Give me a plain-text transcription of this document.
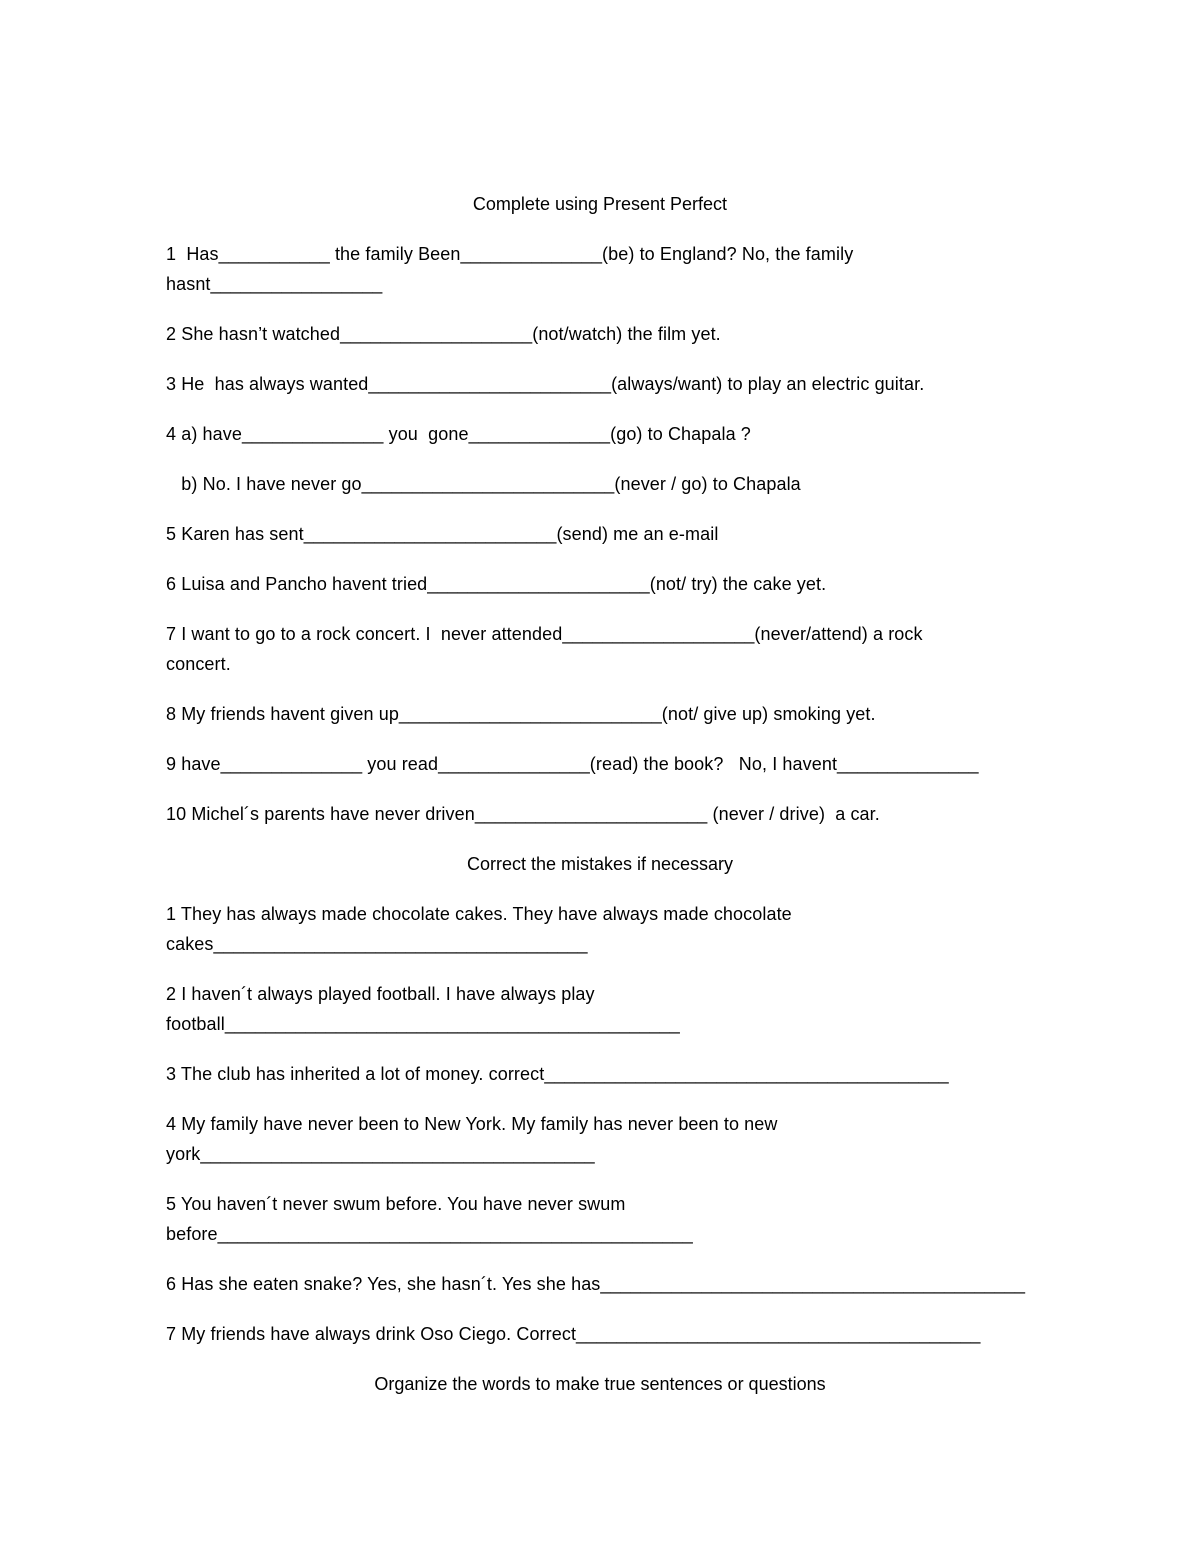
Complete using Present Perfect
1  Has___________ the family Been______________(be) to England? No, the family
hasnt_________________
2 She hasn’t watched___________________(not/watch) the film yet.
3 He  has always wanted________________________(always/want) to play an electric guitar.
4 a) have______________ you  gone______________(go) to Chapala ?
b) No. I have never go_________________________(never / go) to Chapala
5 Karen has sent_________________________(send) me an e-mail
6 Luisa and Pancho havent tried______________________(not/ try) the cake yet.
7 I want to go to a rock concert. I  never attended___________________(never/attend) a rock
concert.
8 My friends havent given up__________________________(not/ give up) smoking yet.
9 have______________ you read_______________(read) the book?   No, I havent______________
10 Michel´s parents have never driven_______________________ (never / drive)  a car.
Correct the mistakes if necessary
1 They has always made chocolate cakes. They have always made chocolate
cakes_____________________________________
2 I haven´t always played football. I have always play
football_____________________________________________
3 The club has inherited a lot of money. correct________________________________________
4 My family have never been to New York. My family has never been to new
york_______________________________________
5 You haven´t never swum before. You have never swum
before_______________________________________________
6 Has she eaten snake? Yes, she hasn´t. Yes she has__________________________________________
7 My friends have always drink Oso Ciego. Correct________________________________________
Organize the words to make true sentences or questions
